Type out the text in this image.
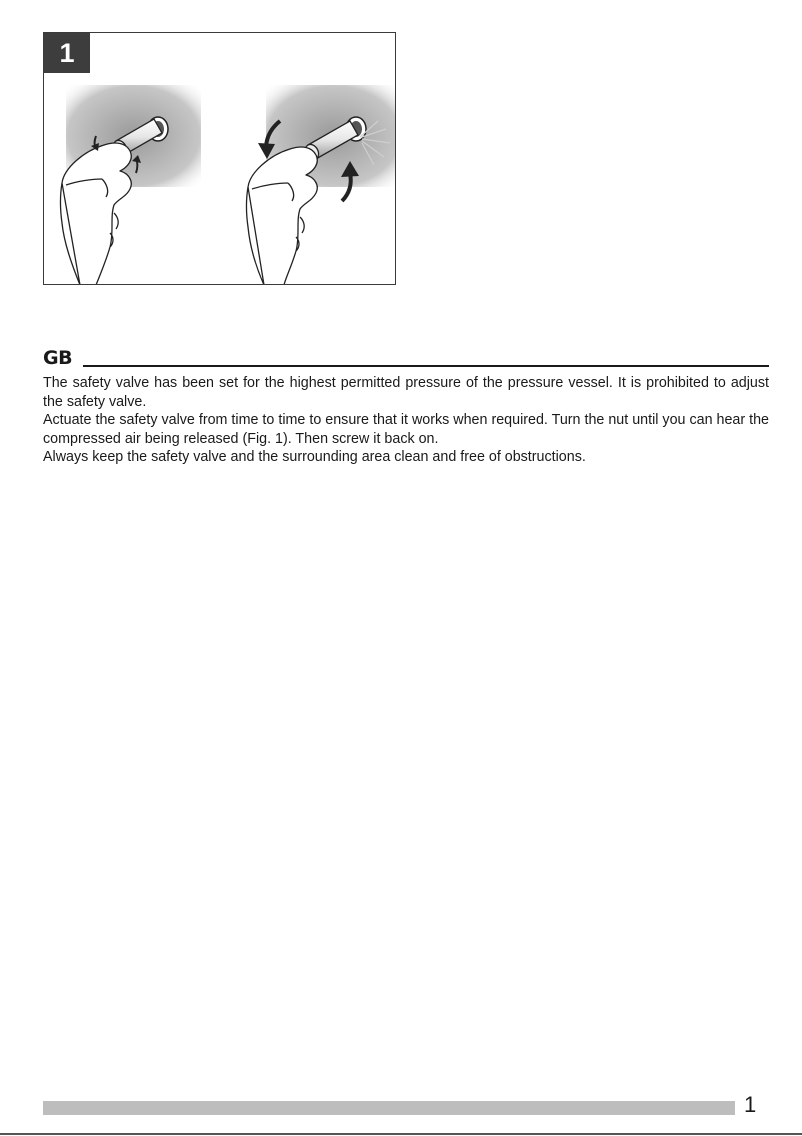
1
GB

The safety valve has been set for the highest permitted pressure of the pressure vessel. It is prohibited to adjust the safety valve.

Actuate the safety valve from time to time to ensure that it works when required. Turn the nut until you can hear the compressed air being released (Fig. 1). Then screw it back on.

Always keep the safety valve and the surrounding area clean and free of obstructions.

1
